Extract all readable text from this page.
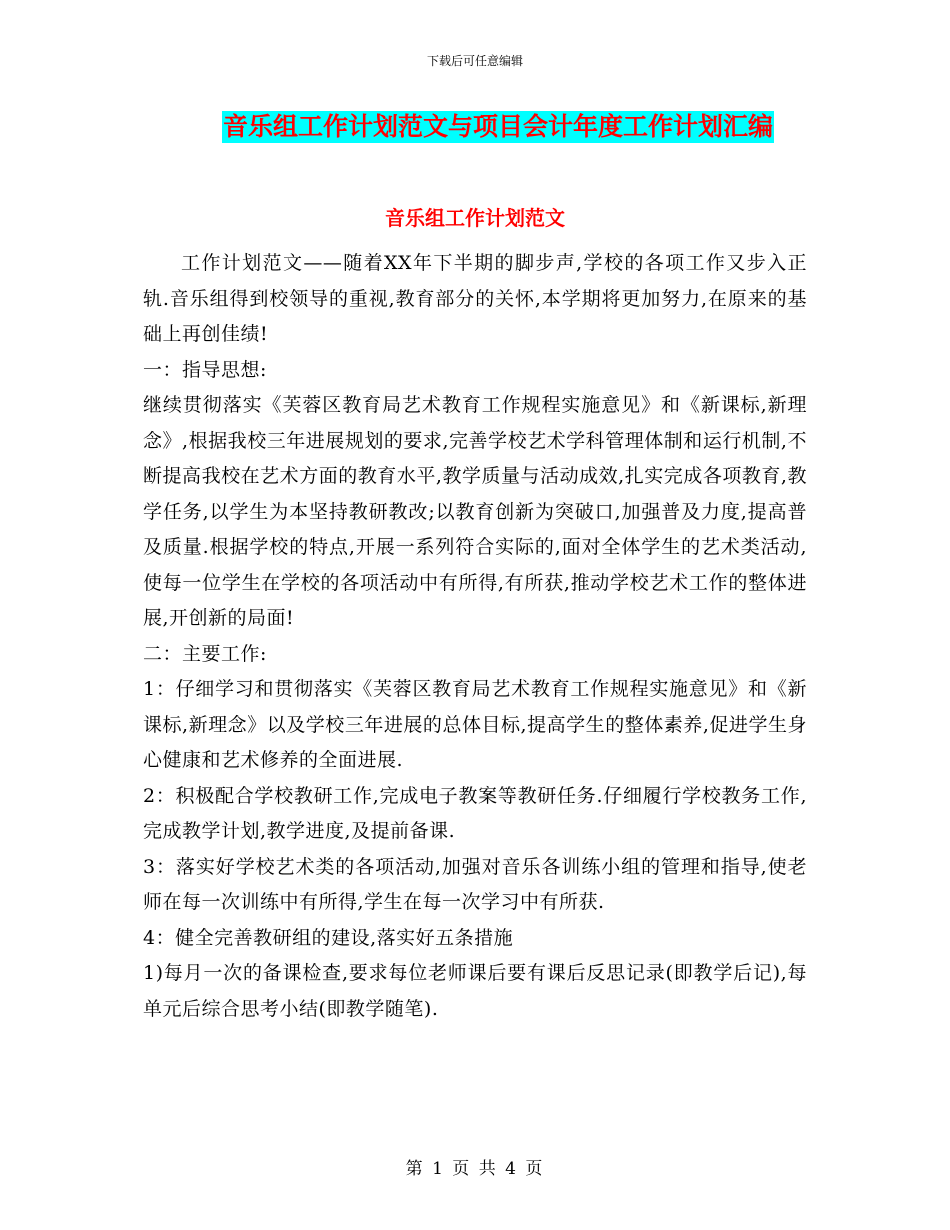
下载后可任意编辑
音乐组工作计划范文与项目会计年度工作计划汇编
音乐组工作计划范文

工作计划范文——随着XX年下半期的脚步声,学校的各项工作又步入正轨.音乐组得到校领导的重视,教育部分的关怀,本学期将更加努力,在原来的基础上再创佳绩!

一：指导思想:

继续贯彻落实《芙蓉区教育局艺术教育工作规程实施意见》和《新课标,新理念》,根据我校三年进展规划的要求,完善学校艺术学科管理体制和运行机制,不断提高我校在艺术方面的教育水平,教学质量与活动成效,扎实完成各项教育,教学任务,以学生为本坚持教研教改;以教育创新为突破口,加强普及力度,提高普及质量.根据学校的特点,开展一系列符合实际的,面对全体学生的艺术类活动,使每一位学生在学校的各项活动中有所得,有所获,推动学校艺术工作的整体进展,开创新的局面!

二：主要工作:

1：仔细学习和贯彻落实《芙蓉区教育局艺术教育工作规程实施意见》和《新课标,新理念》以及学校三年进展的总体目标,提高学生的整体素养,促进学生身心健康和艺术修养的全面进展.

2：积极配合学校教研工作,完成电子教案等教研任务.仔细履行学校教务工作,完成教学计划,教学进度,及提前备课.

3：落实好学校艺术类的各项活动,加强对音乐各训练小组的管理和指导,使老师在每一次训练中有所得,学生在每一次学习中有所获.

4：健全完善教研组的建设,落实好五条措施

1)每月一次的备课检查,要求每位老师课后要有课后反思记录(即教学后记),每单元后综合思考小结(即教学随笔).

第 1 页 共 4 页
